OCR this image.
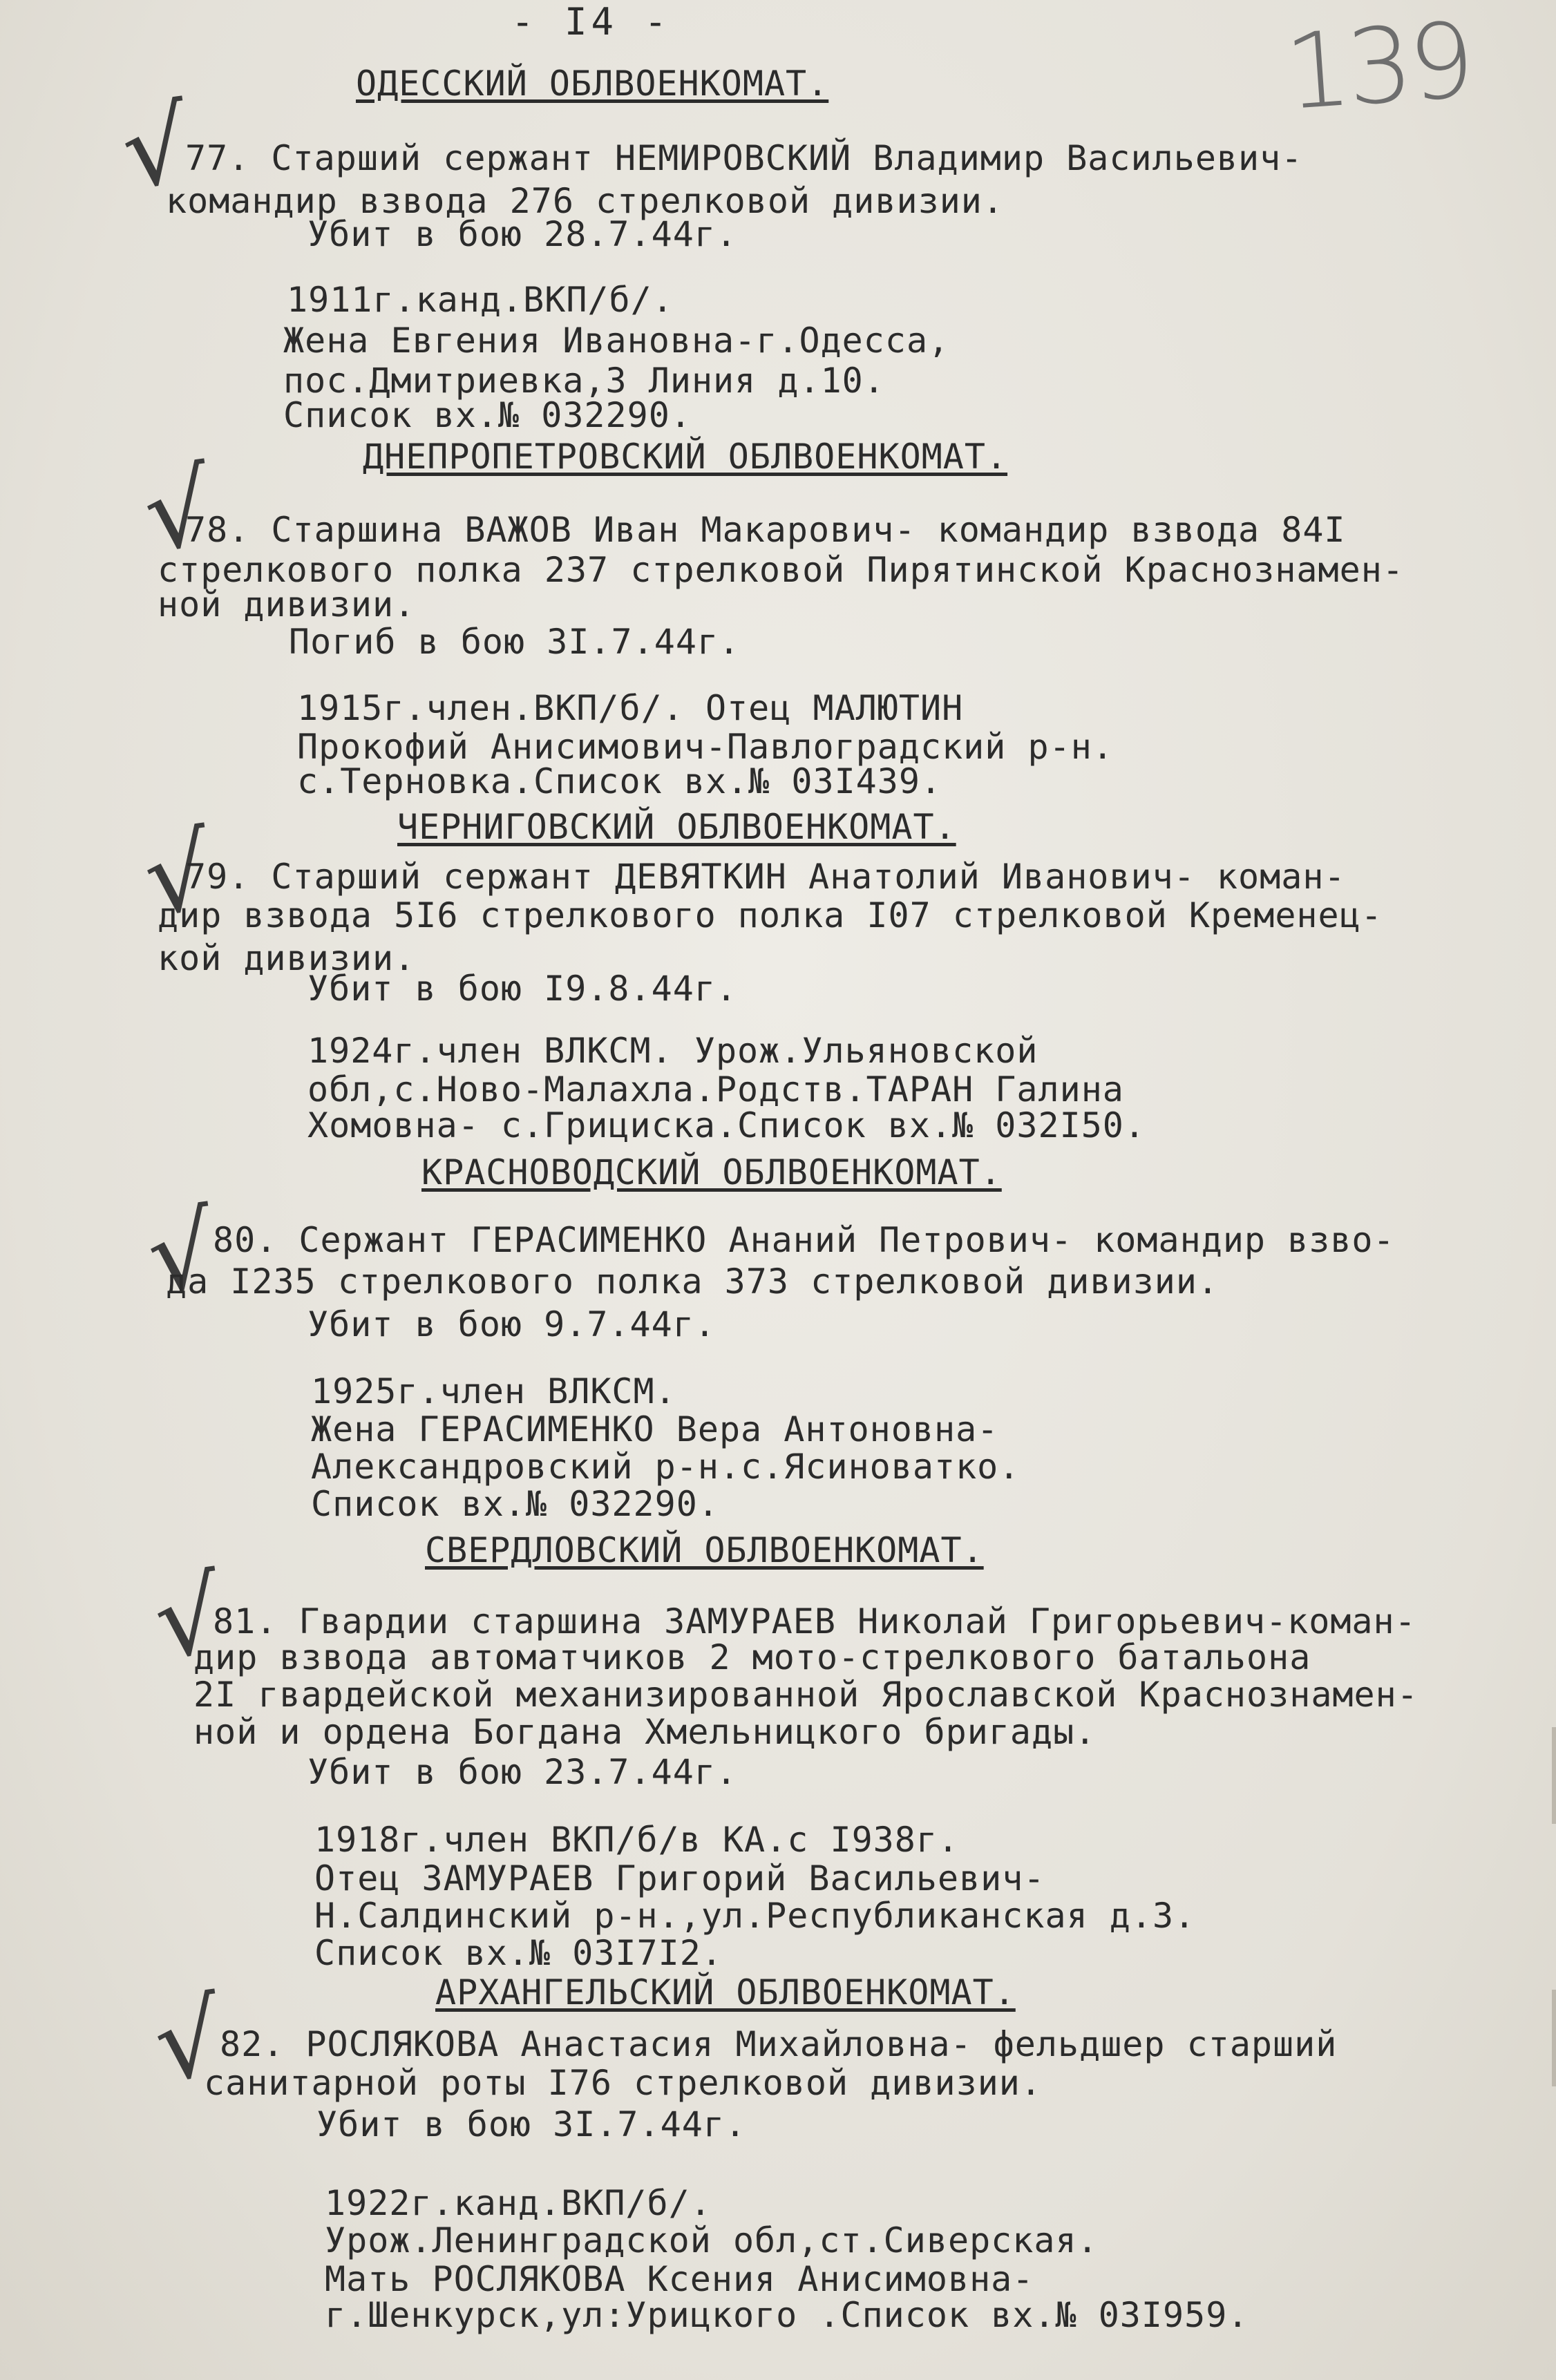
- I4 -	139
ОДЕССКИЙ ОБЛВОЕНКОМАТ.
√
77. Старший сержант НЕМИРОВСКИЙ Владимир Васильевич-
командир взвода 276 стрелковой дивизии.
Убит в бою 28.7.44г.
1911г.канд.ВКП/б/.
Жена Евгения Ивановна-г.Одесса,
пос.Дмитриевка,3 Линия д.10.
Список вх.№ 032290.
ДНЕПРОПЕТРОВСКИЙ ОБЛВОЕНКОМАТ.
√
78. Старшина ВАЖОВ Иван Макарович- командир взвода 84I
стрелкового полка 237 стрелковой Пирятинской Краснознамен-
ной дивизии.
Погиб в бою 3I.7.44г.
1915г.член.ВКП/б/. Отец МАЛЮТИН
Прокофий Анисимович-Павлоградский р-н.
с.Терновка.Список вх.№ 03I439.
ЧЕРНИГОВСКИЙ ОБЛВОЕНКОМАТ.
√
79. Старший сержант ДЕВЯТКИН Анатолий Иванович- коман-
дир взвода 5I6 стрелкового полка I07 стрелковой Кременец-
кой дивизии.
Убит в бою I9.8.44г.
1924г.член ВЛКСМ. Урож.Ульяновской
обл,с.Ново-Малахла.Родств.ТАРАН Галина
Хомовна- с.Грициска.Список вх.№ 032I50.
КРАСНОВОДСКИЙ ОБЛВОЕНКОМАТ.
√
80. Сержант ГЕРАСИМЕНКО Ананий Петрович- командир взво-
да I235 стрелкового полка 373 стрелковой дивизии.
Убит в бою 9.7.44г.
1925г.член ВЛКСМ.
Жена ГЕРАСИМЕНКО Вера Антоновна-
Александровский р-н.с.Ясиноватко.
Список вх.№ 032290.
СВЕРДЛОВСКИЙ ОБЛВОЕНКОМАТ.
√
81. Гвардии старшина ЗАМУРАЕВ Николай Григорьевич-коман-
дир взвода автоматчиков 2 мото-стрелкового батальона
2I гвардейской механизированной Ярославской Краснознамен-
ной и ордена Богдана Хмельницкого бригады.
Убит в бою 23.7.44г.
1918г.член ВКП/б/в КА.с I938г.
Отец ЗАМУРАЕВ Григорий Васильевич-
Н.Салдинский р-н.,ул.Республиканская д.3.
Список вх.№ 03I7I2.
АРХАНГЕЛЬСКИЙ ОБЛВОЕНКОМАТ.
√
82. РОСЛЯКОВА Анастасия Михайловна- фельдшер старший
санитарной роты I76 стрелковой дивизии.
Убит в бою 3I.7.44г.
1922г.канд.ВКП/б/.
Урож.Ленинградской обл,ст.Сиверская.
Мать РОСЛЯКОВА Ксения Анисимовна-
г.Шенкурск,ул:Урицкого .Список вх.№ 03I959.
